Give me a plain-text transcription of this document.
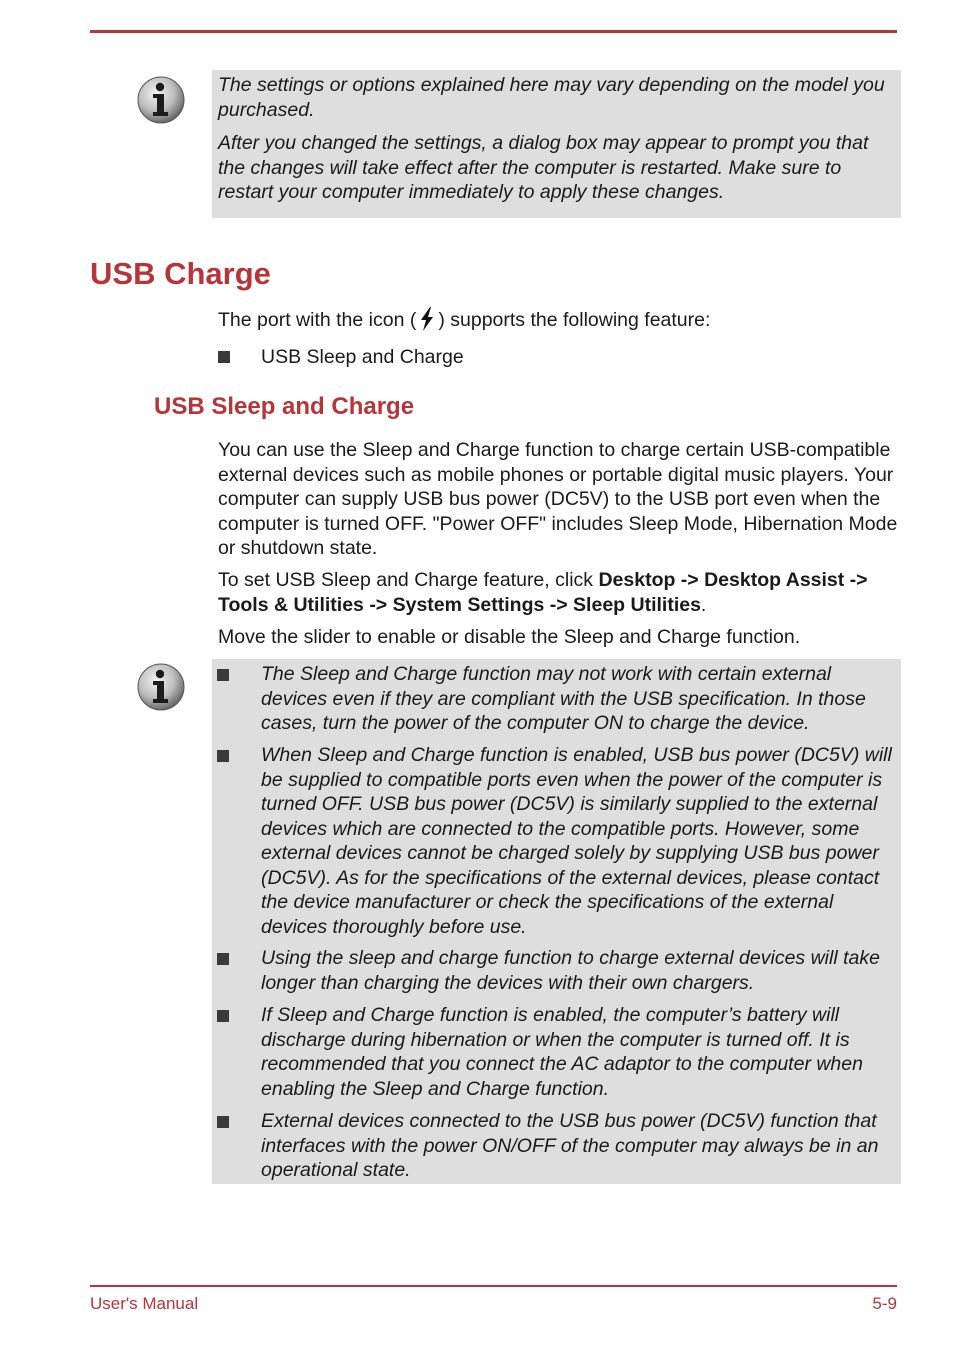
The settings or options explained here may vary depending on the model you purchased.

After you changed the settings, a dialog box may appear to prompt you that the changes will take effect after the computer is restarted. Make sure to restart your computer immediately to apply these changes.

USB Charge

The port with the icon ( ) supports the following feature:

USB Sleep and Charge

USB Sleep and Charge

You can use the Sleep and Charge function to charge certain USB-compatible external devices such as mobile phones or portable digital music players. Your computer can supply USB bus power (DC5V) to the USB port even when the computer is turned OFF. "Power OFF" includes Sleep Mode, Hibernation Mode or shutdown state.

To set USB Sleep and Charge feature, click Desktop -> Desktop Assist -> Tools & Utilities -> System Settings -> Sleep Utilities.

Move the slider to enable or disable the Sleep and Charge function.

The Sleep and Charge function may not work with certain external devices even if they are compliant with the USB specification. In those cases, turn the power of the computer ON to charge the device.
When Sleep and Charge function is enabled, USB bus power (DC5V) will be supplied to compatible ports even when the power of the computer is turned OFF. USB bus power (DC5V) is similarly supplied to the external devices which are connected to the compatible ports. However, some external devices cannot be charged solely by supplying USB bus power (DC5V). As for the specifications of the external devices, please contact the device manufacturer or check the specifications of the external devices thoroughly before use.
Using the sleep and charge function to charge external devices will take longer than charging the devices with their own chargers.
If Sleep and Charge function is enabled, the computer’s battery will discharge during hibernation or when the computer is turned off. It is recommended that you connect the AC adaptor to the computer when enabling the Sleep and Charge function.
External devices connected to the USB bus power (DC5V) function that interfaces with the power ON/OFF of the computer may always be in an operational state.
User's Manual	5-9
